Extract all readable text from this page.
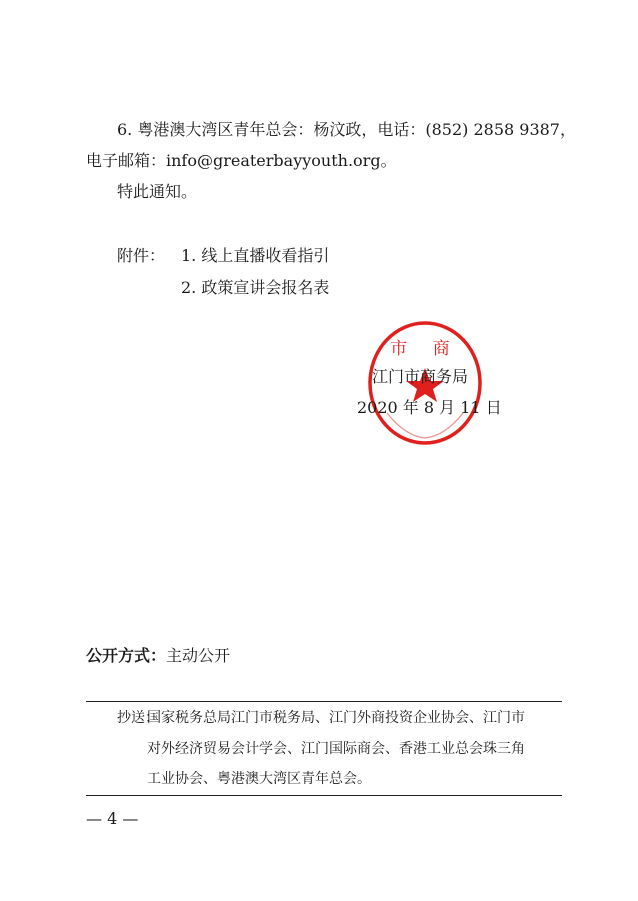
6. 粤港澳大湾区青年总会：杨汶政，电话：(852) 2858 9387，
电子邮箱：info@greaterbayyouth.org。
特此通知。
附件： 1. 线上直播收看指引
2. 政策宣讲会报名表
市 商
江门市商务局
2020 年 8 月 11 日
公开方式：主动公开
抄送：
国家税务总局江门市税务局、江门外商投资企业协会、江门市
对外经济贸易会计学会、江门国际商会、香港工业总会珠三角
工业协会、粤港澳大湾区青年总会。
— 4 —
